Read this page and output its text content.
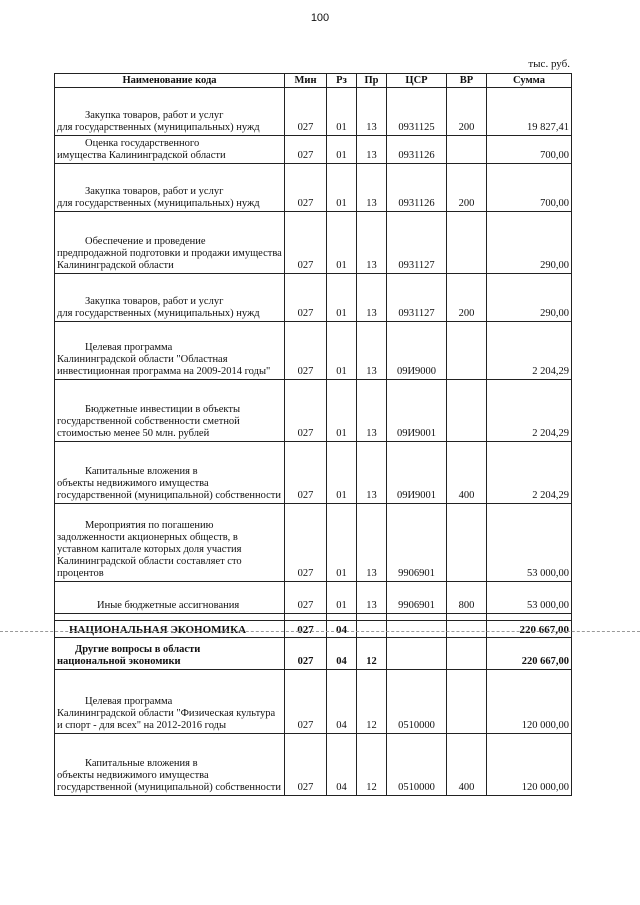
100
тыс. руб.
Наименование кода	Мин	Рз	Пр	ЦСР	ВР	Сумма

Закупка товаров, работ и услуг
для государственных (муниципальных) нужд	027	01	13	0931125	200	19 827,41

Оценка государственного
имущества Калининградской области	027	01	13	0931126		700,00

Закупка товаров, работ и услуг
для государственных (муниципальных) нужд	027	01	13	0931126	200	700,00

Обеспечение и проведение
предпродажной подготовки и продажи имущества Калининградской области	027	01	13	0931127		290,00

Закупка товаров, работ и услуг
для государственных (муниципальных) нужд	027	01	13	0931127	200	290,00

Целевая программа
Калининградской области "Областная инвестиционная программа на 2009-2014 годы"	027	01	13	09И9000		2 204,29

Бюджетные инвестиции в объекты
государственной собственности сметной стоимостью менее 50 млн. рублей	027	01	13	09И9001		2 204,29

Капитальные вложения в
объекты недвижимого имущества государственной (муниципальной) собственности	027	01	13	09И9001	400	2 204,29

Мероприятия по погашению
задолженности акционерных обществ, в уставном капитале которых доля участия Калининградской области составляет сто процентов	027	01	13	9906901		53 000,00

Иные бюджетные ассигнования	027	01	13	9906901	800	53 000,00

НАЦИОНАЛЬНАЯ ЭКОНОМИКА	027	04				220 667,00

Другие вопросы в области
национальной экономики	027	04	12			220 667,00

Целевая программа
Калининградской области "Физическая культура и спорт - для всех" на 2012-2016 годы	027	04	12	0510000		120 000,00

Капитальные вложения в
объекты недвижимого имущества государственной (муниципальной) собственности	027	04	12	0510000	400	120 000,00
